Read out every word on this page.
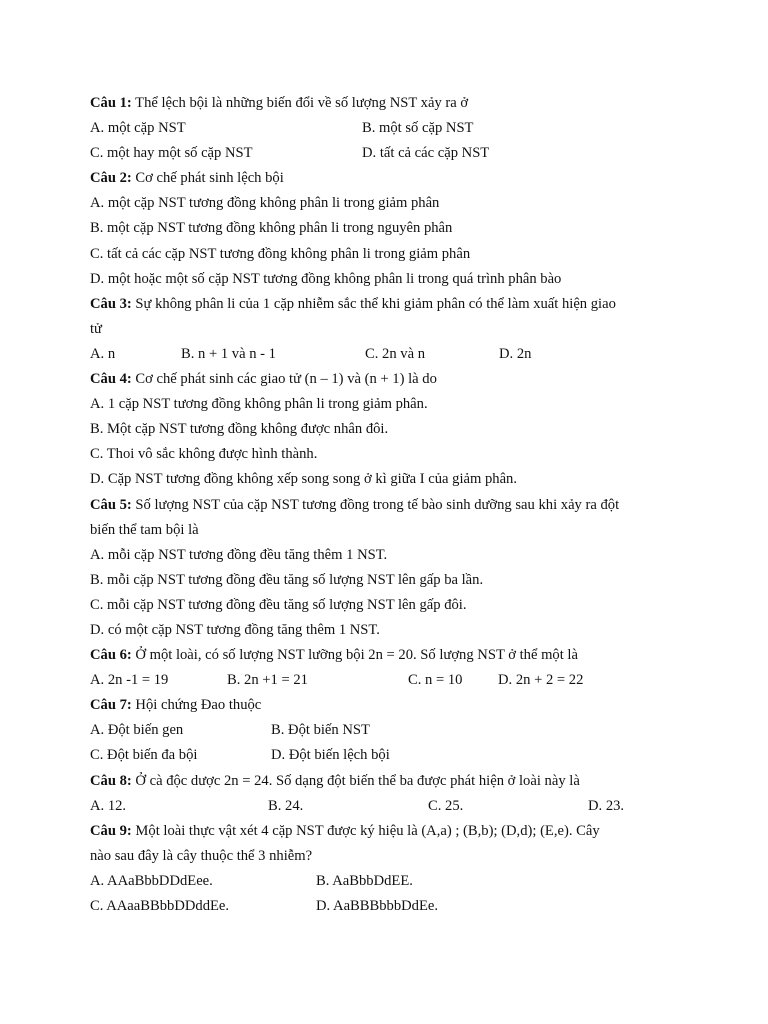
Câu 1: Thể lệch bội là những biến đổi về số lượng NST xảy ra ở
A. một cặp NST	B. một số cặp NST
C. một hay một số cặp NST	D. tất cả các cặp NST
Câu 2: Cơ chế phát sinh lệch bội
A. một cặp NST tương đồng không phân li trong giảm phân
B. một cặp NST tương đồng không phân li trong nguyên phân
C. tất cả các cặp NST tương đồng không phân li trong giảm phân
D. một hoặc một số cặp NST tương đồng không phân li trong quá trình phân bào
Câu 3: Sự không phân li của 1 cặp nhiễm sắc thể khi giảm phân có thể làm xuất hiện giao
tử
A. n	B. n + 1 và n - 1	C. 2n và n	D. 2n
Câu 4: Cơ chế phát sinh các giao tử (n – 1) và (n + 1) là do
A. 1 cặp NST tương đồng không phân li trong giảm phân.
B. Một cặp NST tương đồng không được nhân đôi.
C. Thoi vô sắc không được hình thành.
D. Cặp NST tương đồng không xếp song song ở kì giữa I của giảm phân.
Câu 5: Số lượng NST của cặp NST tương đồng trong tế bào sinh dưỡng sau khi xảy ra đột
biến thể tam bội là
A. mỗi cặp NST tương đồng đều tăng thêm 1 NST.
B. mỗi cặp NST tương đồng đều tăng số lượng NST lên gấp ba lần.
C. mỗi cặp NST tương đồng đều tăng số lượng NST lên gấp đôi.
D. có một cặp NST tương đồng tăng thêm 1 NST.
Câu 6: Ở một loài, có số lượng NST lưỡng bội 2n = 20. Số lượng NST ở thể một là
A. 2n -1 = 19	B. 2n +1 = 21	C. n = 10 D. 2n + 2 = 22
Câu 7: Hội chứng Đao thuộc
A. Đột biến gen	B. Đột biến NST
C. Đột biến đa bội	D. Đột biến lệch bội
Câu 8: Ở cà độc dược 2n = 24. Số dạng đột biến thể ba được phát hiện ở loài này là
A. 12.	B. 24.	C. 25.	D. 23.
Câu 9: Một loài thực vật xét 4 cặp NST được ký hiệu là (A,a) ; (B,b); (D,d); (E,e). Cây
nào sau đây là cây thuộc thể 3 nhiễm?
A. AAaBbbDDdEee.	B. AaBbbDdEE.
C. AAaaBBbbDDddEe.	D. AaBBBbbbDdEe.
